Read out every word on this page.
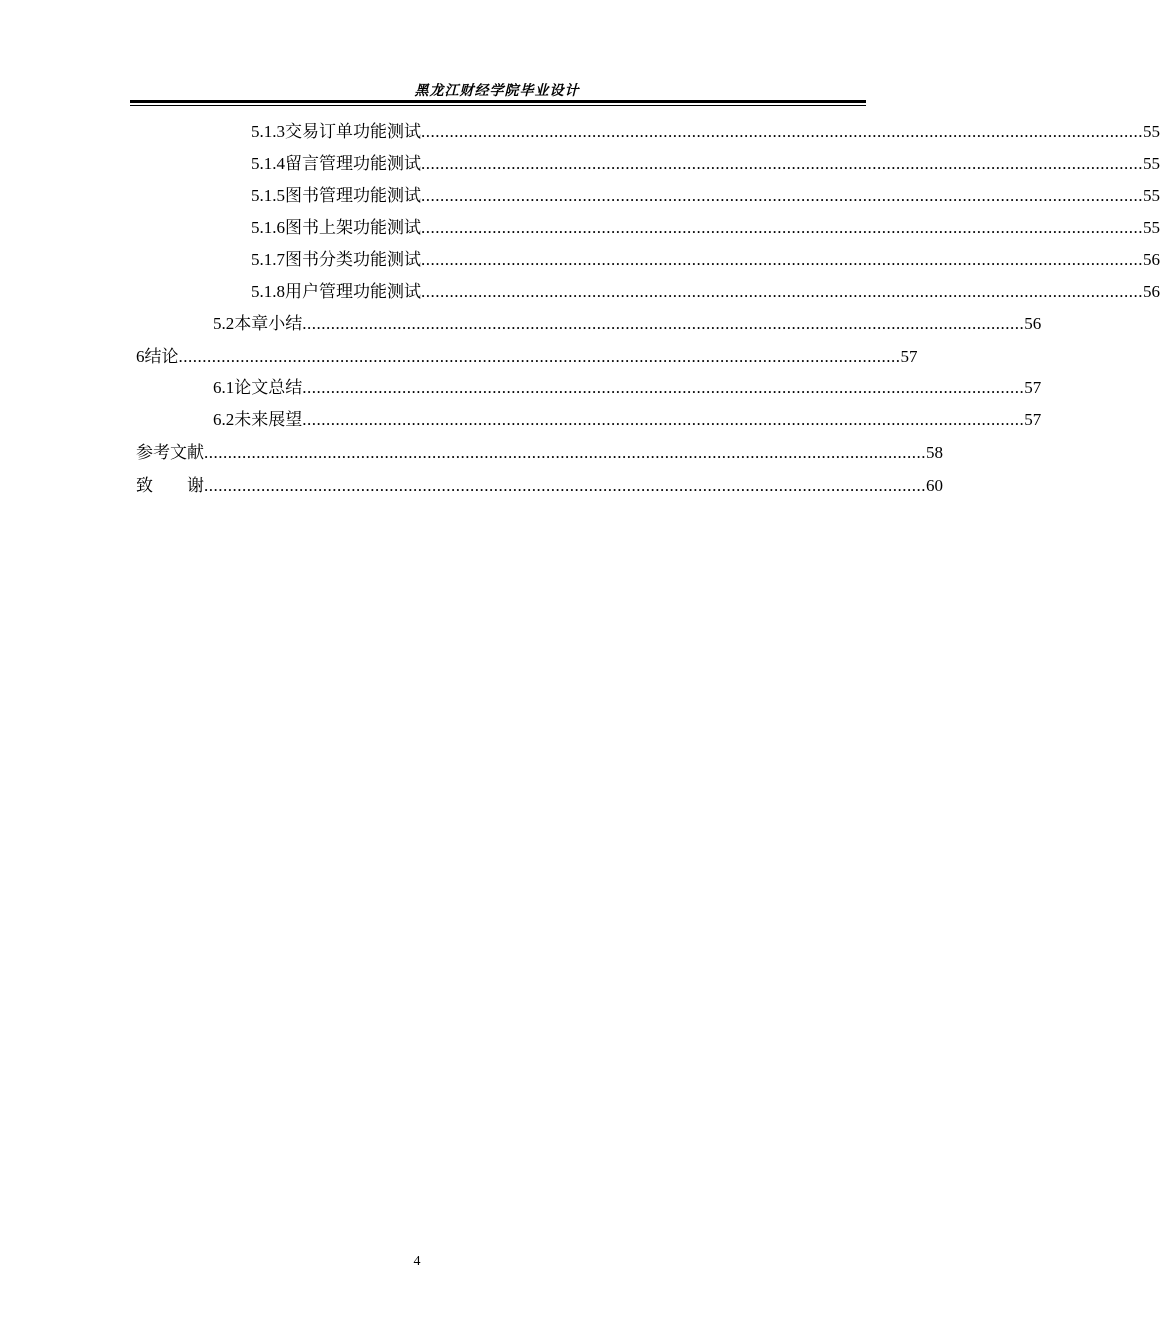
黑龙江财经学院毕业设计
5.1.3 交易订单功能测试 ........................................................................................................................................................ 55
5.1.4 留言管理功能测试 ........................................................................................................................................................ 55
5.1.5 图书管理功能测试 ........................................................................................................................................................ 55
5.1.6 图书上架功能测试 ........................................................................................................................................................ 55
5.1.7 图书分类功能测试 ........................................................................................................................................................ 56
5.1.8 用户管理功能测试 ........................................................................................................................................................ 56
5.2 本章小结 ........................................................................................................................................................ 56
6 结论 ........................................................................................................................................................ 57
6.1 论文总结 ........................................................................................................................................................ 57
6.2 未来展望 ........................................................................................................................................................ 57
参考文献 ........................................................................................................................................................ 58
致　　谢 ........................................................................................................................................................ 60
4
